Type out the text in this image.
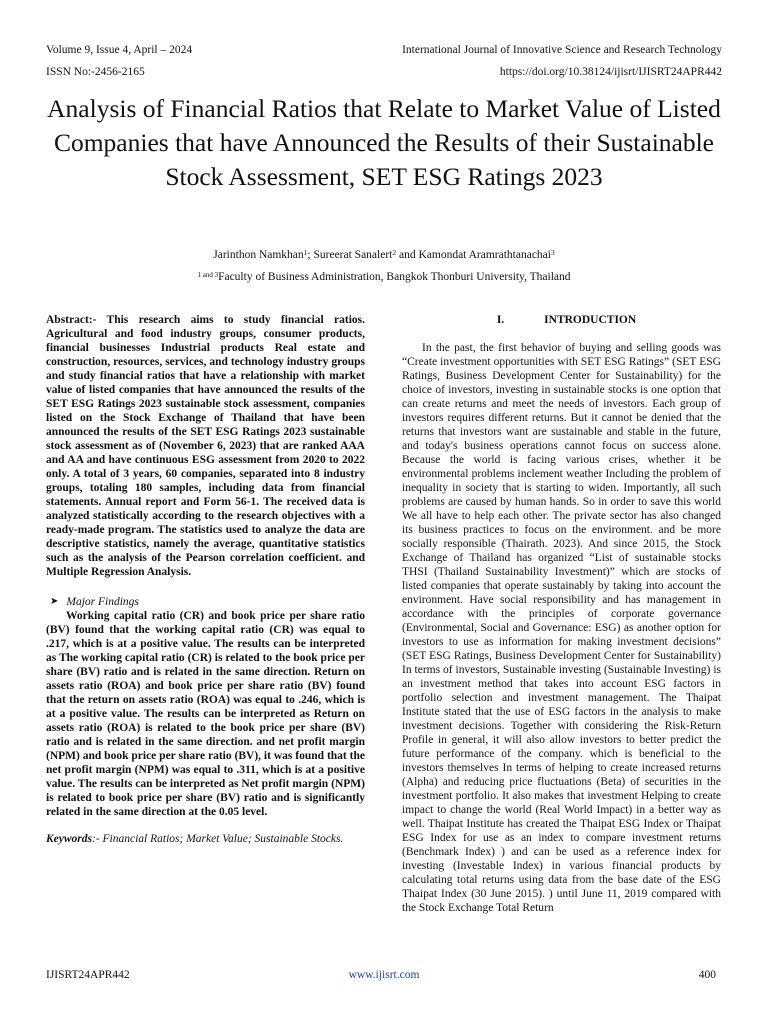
Volume 9, Issue 4, April – 2024	International Journal of Innovative Science and Research Technology
ISSN No:-2456-2165	https://doi.org/10.38124/ijisrt/IJISRT24APR442
Analysis of Financial Ratios that Relate to Market Value of Listed Companies that have Announced the Results of their Sustainable Stock Assessment, SET ESG Ratings 2023
Jarinthon Namkhan$^1$; Sureerat Sanalert$^2$ and Kamondat Aramrathtanachai$^3$
$^{1 and 3}$Faculty of Business Administration, Bangkok Thonburi University, Thailand

Abstract:- This research aims to study financial ratios. Agricultural and food industry groups, consumer products, financial businesses Industrial products Real estate and construction, resources, services, and technology industry groups and study financial ratios that have a relationship with market value of listed companies that have announced the results of the SET ESG Ratings 2023 sustainable stock assessment, companies listed on the Stock Exchange of Thailand that have been announced the results of the SET ESG Ratings 2023 sustainable stock assessment as of (November 6, 2023) that are ranked AAA and AA and have continuous ESG assessment from 2020 to 2022 only. A total of 3 years, 60 companies, separated into 8 industry groups, totaling 180 samples, including data from financial statements. Annual report and Form 56-1. The received data is analyzed statistically according to the research objectives with a ready-made program. The statistics used to analyze the data are descriptive statistics, namely the average, quantitative statistics such as the analysis of the Pearson correlation coefficient. and Multiple Regression Analysis.

➤ Major Findings

Working capital ratio (CR) and book price per share ratio (BV) found that the working capital ratio (CR) was equal to .217, which is at a positive value. The results can be interpreted as The working capital ratio (CR) is related to the book price per share (BV) ratio and is related in the same direction. Return on assets ratio (ROA) and book price per share ratio (BV) found that the return on assets ratio (ROA) was equal to .246, which is at a positive value. The results can be interpreted as Return on assets ratio (ROA) is related to the book price per share (BV) ratio and is related in the same direction. and net profit margin (NPM) and book price per share ratio (BV), it was found that the net profit margin (NPM) was equal to .311, which is at a positive value. The results can be interpreted as Net profit margin (NPM) is related to book price per share (BV) ratio and is significantly related in the same direction at the 0.05 level.

Keywords:- Financial Ratios; Market Value; Sustainable Stocks.

I.	INTRODUCTION

In the past, the first behavior of buying and selling goods was “Create investment opportunities with SET ESG Ratings” (SET ESG Ratings, Business Development Center for Sustainability) for the choice of investors, investing in sustainable stocks is one option that can create returns and meet the needs of investors. Each group of investors requires different returns. But it cannot be denied that the returns that investors want are sustainable and stable in the future, and today's business operations cannot focus on success alone. Because the world is facing various crises, whether it be environmental problems inclement weather Including the problem of inequality in society that is starting to widen. Importantly, all such problems are caused by human hands. So in order to save this world We all have to help each other. The private sector has also changed its business practices to focus on the environment. and be more socially responsible (Thairath. 2023). And since 2015, the Stock Exchange of Thailand has organized “List of sustainable stocks THSI (Thailand Sustainability Investment)” which are stocks of listed companies that operate sustainably by taking into account the environment. Have social responsibility and has management in accordance with the principles of corporate governance (Environmental, Social and Governance: ESG) as another option for investors to use as information for making investment decisions” (SET ESG Ratings, Business Development Center for Sustainability) In terms of investors, Sustainable investing (Sustainable Investing) is an investment method that takes into account ESG factors in portfolio selection and investment management. The Thaipat Institute stated that the use of ESG factors in the analysis to make investment decisions. Together with considering the Risk-Return Profile in general, it will also allow investors to better predict the future performance of the company. which is beneficial to the investors themselves In terms of helping to create increased returns (Alpha) and reducing price fluctuations (Beta) of securities in the investment portfolio. It also makes that investment Helping to create impact to change the world (Real World Impact) in a better way as well. Thaipat Institute has created the Thaipat ESG Index or Thaipat ESG Index for use as an index to compare investment returns (Benchmark Index) ) and can be used as a reference index for investing (Investable Index) in various financial products by calculating total returns using data from the base date of the ESG Thaipat Index (30 June 2015). ) until June 11, 2019 compared with the Stock Exchange Total Return

IJISRT24APR442	www.ijisrt.com	400
